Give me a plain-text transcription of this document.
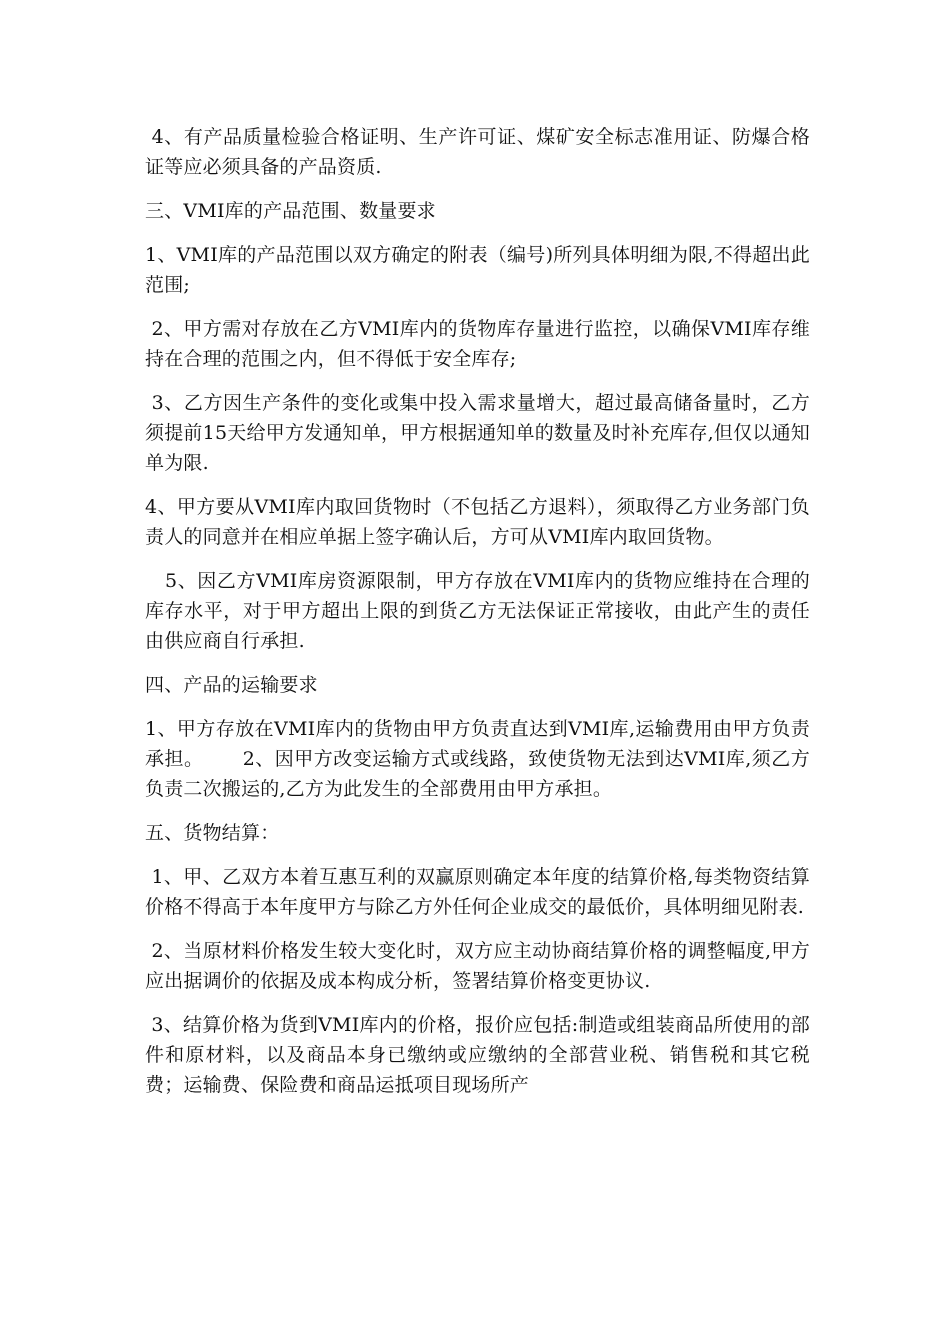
4、有产品质量检验合格证明、生产许可证、煤矿安全标志准用证、防爆合格证等应必须具备的产品资质.

三、VMI库的产品范围、数量要求

1、VMI库的产品范围以双方确定的附表（编号)所列具体明细为限,不得超出此范围;

2、甲方需对存放在乙方VMI库内的货物库存量进行监控，以确保VMI库存维持在合理的范围之内，但不得低于安全库存;

3、乙方因生产条件的变化或集中投入需求量增大，超过最高储备量时，乙方须提前15天给甲方发通知单，甲方根据通知单的数量及时补充库存,但仅以通知单为限.

4、甲方要从VMI库内取回货物时（不包括乙方退料），须取得乙方业务部门负责人的同意并在相应单据上签字确认后，方可从VMI库内取回货物。

5、因乙方VMI库房资源限制，甲方存放在VMI库内的货物应维持在合理的库存水平，对于甲方超出上限的到货乙方无法保证正常接收，由此产生的责任由供应商自行承担.

四、产品的运输要求

1、甲方存放在VMI库内的货物由甲方负责直达到VMI库,运输费用由甲方负责承担。      2、因甲方改变运输方式或线路，致使货物无法到达VMI库,须乙方负责二次搬运的,乙方为此发生的全部费用由甲方承担。

五、货物结算：

1、甲、乙双方本着互惠互利的双赢原则确定本年度的结算价格,每类物资结算价格不得高于本年度甲方与除乙方外任何企业成交的最低价，具体明细见附表.

2、当原材料价格发生较大变化时，双方应主动协商结算价格的调整幅度,甲方应出据调价的依据及成本构成分析，签署结算价格变更协议.

3、结算价格为货到VMI库内的价格，报价应包括:制造或组装商品所使用的部件和原材料，以及商品本身已缴纳或应缴纳的全部营业税、销售税和其它税费；运输费、保险费和商品运抵项目现场所产
